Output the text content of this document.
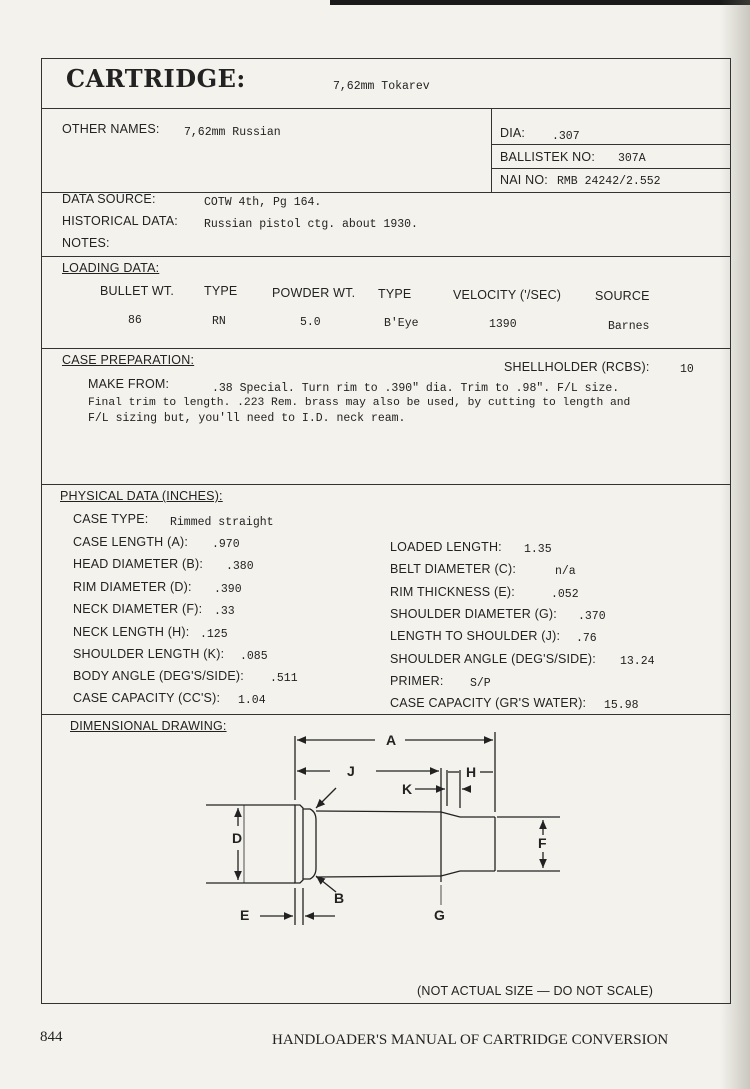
CARTRIDGE:	7,62mm Tokarev
OTHER NAMES: 7,62mm Russian	DIA: .307
BALLISTEK NO: 307A
NAI NO: RMB 24242/2.552
DATA SOURCE:	COTW 4th, Pg 164.
HISTORICAL DATA: Russian pistol ctg. about 1930.
NOTES:
LOADING DATA:
BULLET WT. TYPE	POWDER WT. TYPE	VELOCITY ('/SEC)	SOURCE
86	RN	5.0	B'Eye	1390	Barnes
CASE PREPARATION:	SHELLHOLDER (RCBS):	10
MAKE FROM:	.38 Special. Turn rim to .390" dia. Trim to .98". F/L size.
Final trim to length. .223 Rem. brass may also be used, by cutting to length and
F/L sizing but, you'll need to I.D. neck ream.
PHYSICAL DATA (INCHES):
CASE TYPE: Rimmed straight
CASE LENGTH (A): .970
HEAD DIAMETER (B): .380
RIM DIAMETER (D): .390
NECK DIAMETER (F): .33
NECK LENGTH (H): .125
SHOULDER LENGTH (K): .085
BODY ANGLE (DEG'S/SIDE): .511
CASE CAPACITY (CC'S): 1.04
LOADED LENGTH: 1.35
BELT DIAMETER (C):	n/a
RIM THICKNESS (E):	.052
SHOULDER DIAMETER (G): .370
LENGTH TO SHOULDER (J): .76
SHOULDER ANGLE (DEG'S/SIDE): 13.24
PRIMER: S/P
CASE CAPACITY (GR'S WATER): 15.98
DIMENSIONAL DRAWING:
A
J	H
K
D	F
B
E	G
(NOT ACTUAL SIZE — DO NOT SCALE)
844	HANDLOADER'S MANUAL OF CARTRIDGE CONVERSION
